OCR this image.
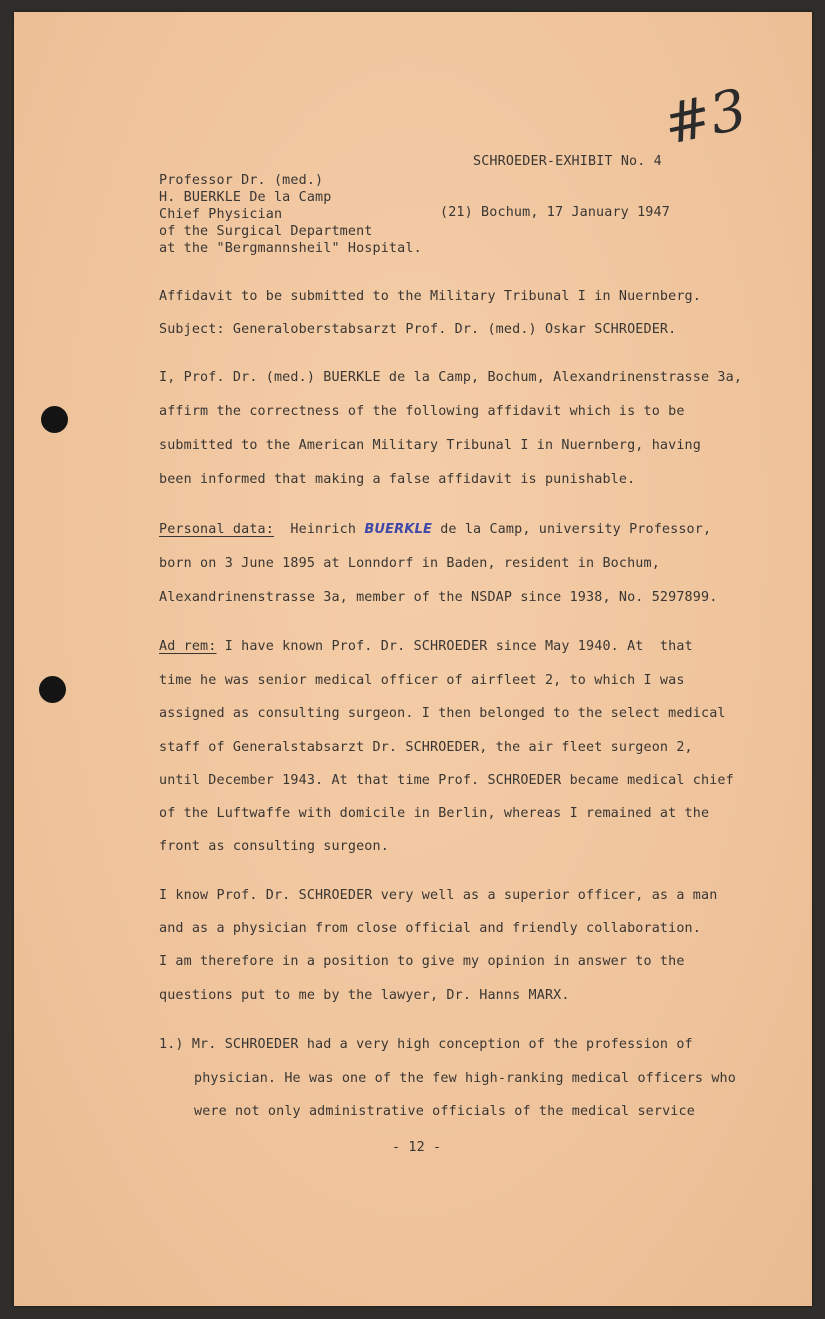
#3
SCHROEDER-EXHIBIT No. 4
Professor Dr. (med.)
H. BUERKLE De la Camp
Chief Physician
of the Surgical Department
at the "Bergmannsheil" Hospital.
(21) Bochum, 17 January 1947
Affidavit to be submitted to the Military Tribunal I in Nuernberg.
Subject: Generaloberstabsarzt Prof. Dr. (med.) Oskar SCHROEDER.
I, Prof. Dr. (med.) BUERKLE de la Camp, Bochum, Alexandrinenstrasse 3a,
affirm the correctness of the following affidavit which is to be
submitted to the American Military Tribunal I in Nuernberg, having
been informed that making a false affidavit is punishable.
Personal data: Heinrich BUERKLE de la Camp, university Professor,
born on 3 June 1895 at Lonndorf in Baden, resident in Bochum,
Alexandrinenstrasse 3a, member of the NSDAP since 1938, No. 5297899.
Ad rem: I have known Prof. Dr. SCHROEDER since May 1940. At  that
time he was senior medical officer of airfleet 2, to which I was
assigned as consulting surgeon. I then belonged to the select medical
staff of Generalstabsarzt Dr. SCHROEDER, the air fleet surgeon 2,
until December 1943. At that time Prof. SCHROEDER became medical chief
of the Luftwaffe with domicile in Berlin, whereas I remained at the
front as consulting surgeon.
I know Prof. Dr. SCHROEDER very well as a superior officer, as a man
and as a physician from close official and friendly collaboration.
I am therefore in a position to give my opinion in answer to the
questions put to me by the lawyer, Dr. Hanns MARX.
1.) Mr. SCHROEDER had a very high conception of the profession of
physician. He was one of the few high-ranking medical officers who
were not only administrative officials of the medical service
- 12 -
